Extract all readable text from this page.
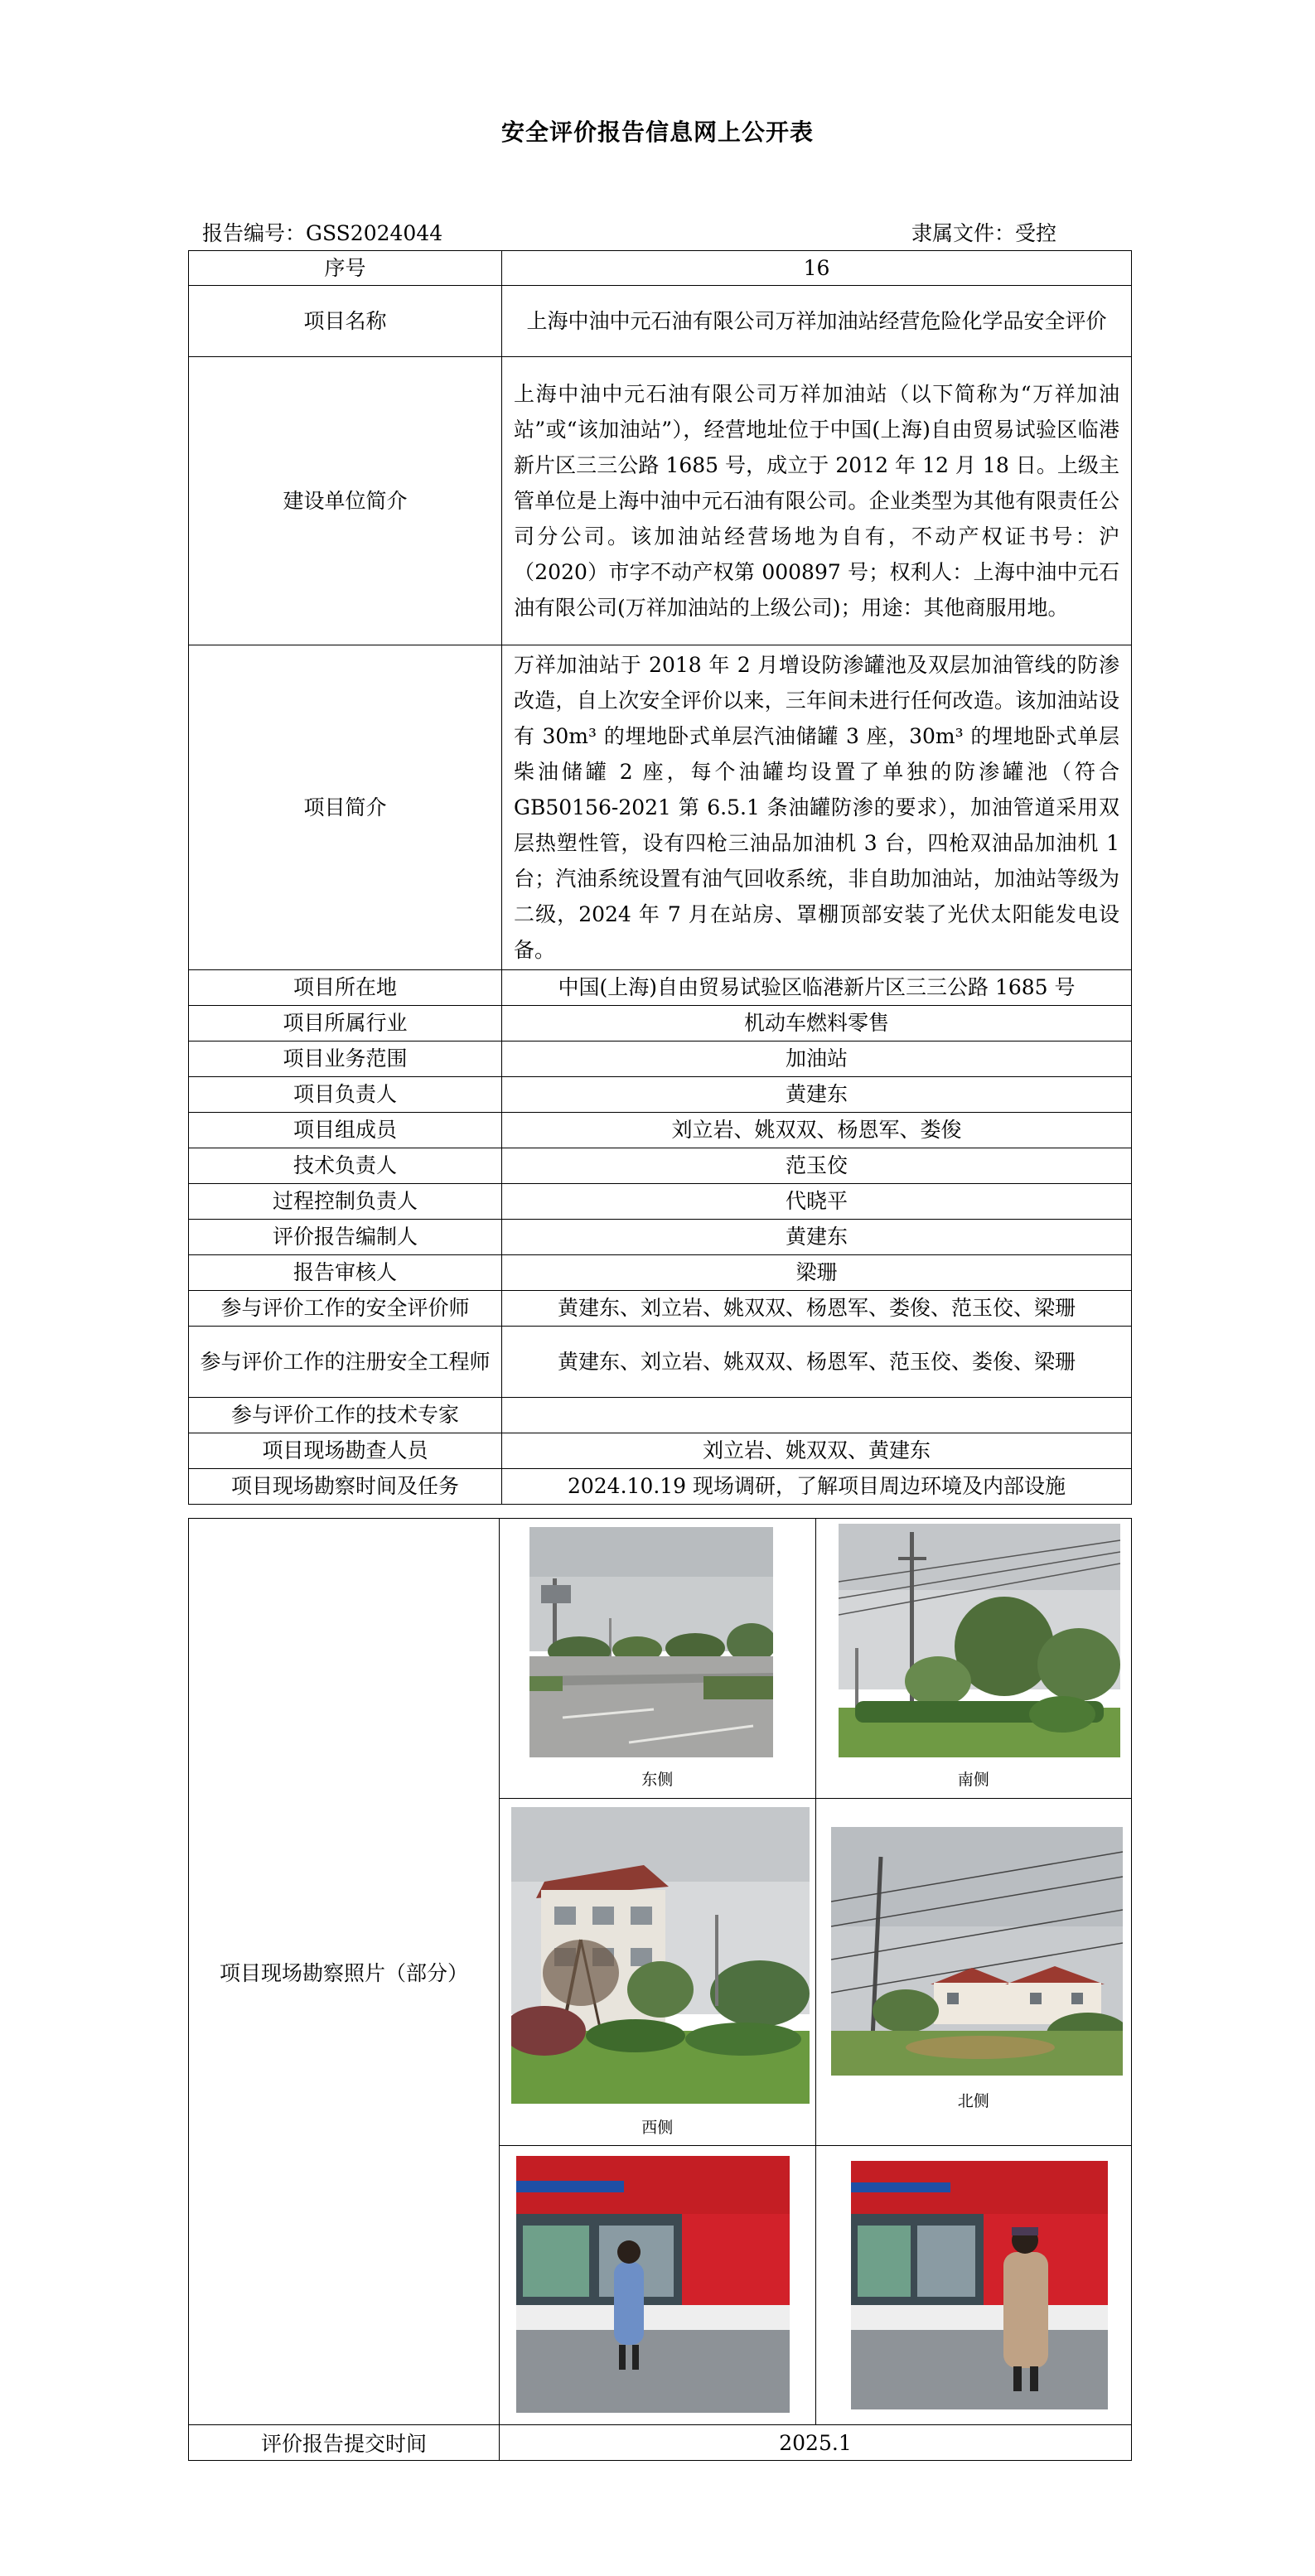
安全评价报告信息网上公开表
报告编号：GSS2024044	隶属文件：受控
序号	16
项目名称	上海中油中元石油有限公司万祥加油站经营危险化学品安全评价
建设单位简介	上海中油中元石油有限公司万祥加油站（以下简称为“万祥加油站”或“该加油站”），经营地址位于中国(上海)自由贸易试验区临港新片区三三公路 1685 号，成立于 2012 年 12 月 18 日。上级主管单位是上海中油中元石油有限公司。企业类型为其他有限责任公司分公司。该加油站经营场地为自有，不动产权证书号：沪（2020）市字不动产权第 000897 号；权利人：上海中油中元石油有限公司(万祥加油站的上级公司)；用途：其他商服用地。
项目简介	万祥加油站于 2018 年 2 月增设防渗罐池及双层加油管线的防渗改造，自上次安全评价以来，三年间未进行任何改造。该加油站设有 30m³ 的埋地卧式单层汽油储罐 3 座，30m³ 的埋地卧式单层柴油储罐 2 座，每个油罐均设置了单独的防渗罐池（符合 GB50156-2021 第 6.5.1 条油罐防渗的要求），加油管道采用双层热塑性管，设有四枪三油品加油机 3 台，四枪双油品加油机 1 台；汽油系统设置有油气回收系统，非自助加油站，加油站等级为二级，2024 年 7 月在站房、罩棚顶部安装了光伏太阳能发电设备。
项目所在地	中国(上海)自由贸易试验区临港新片区三三公路 1685 号
项目所属行业	机动车燃料零售
项目业务范围	加油站
项目负责人	黄建东
项目组成员	刘立岩、姚双双、杨恩军、娄俊
技术负责人	范玉佼
过程控制负责人	代晓平
评价报告编制人	黄建东
报告审核人	梁珊
参与评价工作的安全评价师	黄建东、刘立岩、姚双双、杨恩军、娄俊、范玉佼、梁珊
参与评价工作的注册安全工程师	黄建东、刘立岩、姚双双、杨恩军、范玉佼、娄俊、梁珊
参与评价工作的技术专家	
项目现场勘查人员	刘立岩、姚双双、黄建东
项目现场勘察时间及任务	2024.10.19 现场调研，了解项目周边环境及内部设施
项目现场勘察照片（部分）	东侧	南侧

	西侧	北侧

评价报告提交时间	2025.1	
